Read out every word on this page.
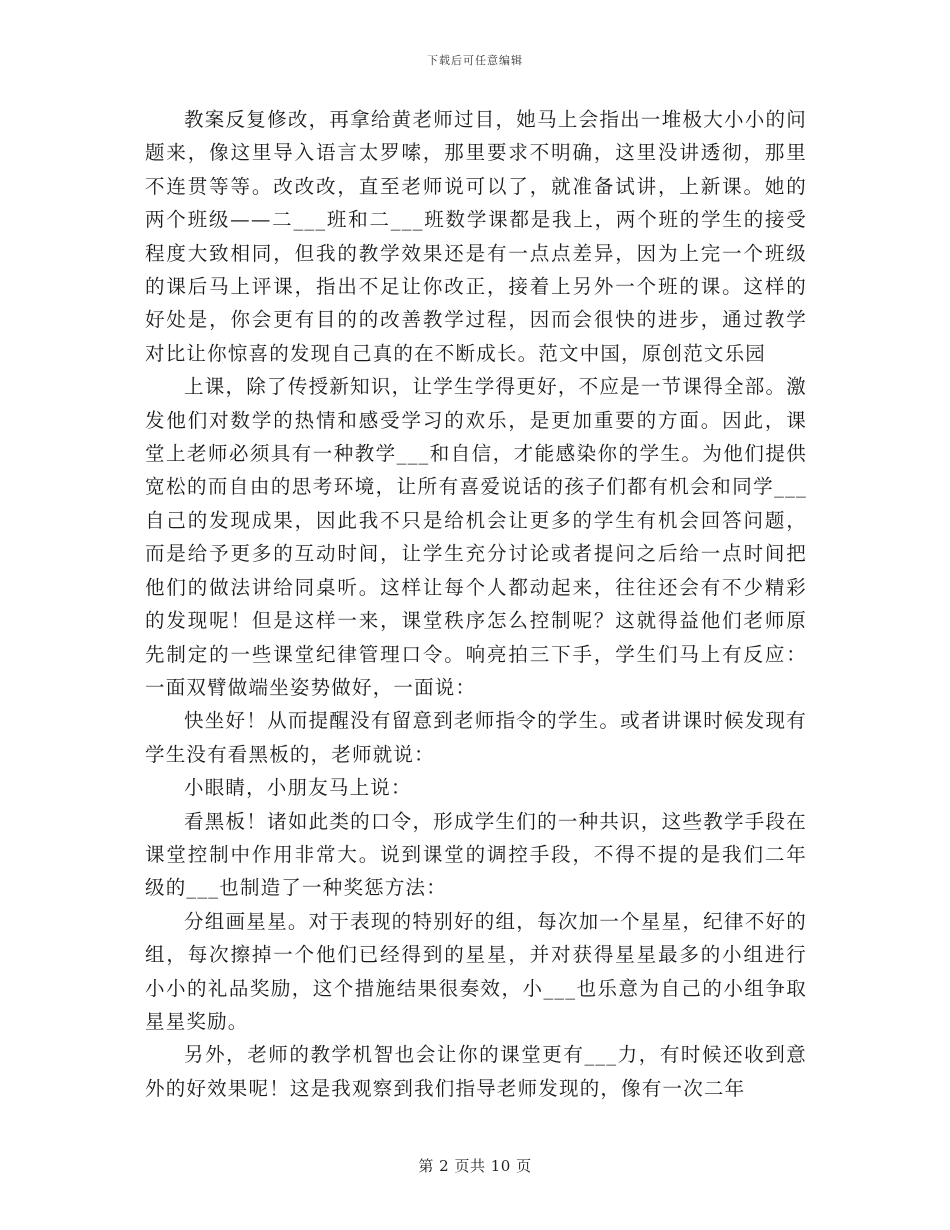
下载后可任意编辑

教案反复修改，再拿给黄老师过目，她马上会指出一堆极大小小的问题来，像这里导入语言太罗嗦，那里要求不明确，这里没讲透彻，那里不连贯等等。改改改，直至老师说可以了，就准备试讲，上新课。她的两个班级——二___班和二___班数学课都是我上，两个班的学生的接受程度大致相同，但我的教学效果还是有一点点差异，因为上完一个班级的课后马上评课，指出不足让你改正，接着上另外一个班的课。这样的好处是，你会更有目的的改善教学过程，因而会很快的进步，通过教学对比让你惊喜的发现自己真的在不断成长。范文中国，原创范文乐园

上课，除了传授新知识，让学生学得更好，不应是一节课得全部。激发他们对数学的热情和感受学习的欢乐，是更加重要的方面。因此，课堂上老师必须具有一种教学___和自信，才能感染你的学生。为他们提供宽松的而自由的思考环境，让所有喜爱说话的孩子们都有机会和同学___自己的发现成果，因此我不只是给机会让更多的学生有机会回答问题，而是给予更多的互动时间，让学生充分讨论或者提问之后给一点时间把他们的做法讲给同桌听。这样让每个人都动起来，往往还会有不少精彩的发现呢！但是这样一来，课堂秩序怎么控制呢？这就得益他们老师原先制定的一些课堂纪律管理口令。响亮拍三下手，学生们马上有反应：一面双臂做端坐姿势做好，一面说：

快坐好！从而提醒没有留意到老师指令的学生。或者讲课时候发现有学生没有看黑板的，老师就说：

小眼睛，小朋友马上说：

看黑板！诸如此类的口令，形成学生们的一种共识，这些教学手段在课堂控制中作用非常大。说到课堂的调控手段，不得不提的是我们二年级的___也制造了一种奖惩方法：

分组画星星。对于表现的特别好的组，每次加一个星星，纪律不好的组，每次擦掉一个他们已经得到的星星，并对获得星星最多的小组进行小小的礼品奖励，这个措施结果很奏效，小___也乐意为自己的小组争取星星奖励。

另外，老师的教学机智也会让你的课堂更有___力，有时候还收到意外的好效果呢！这是我观察到我们指导老师发现的，像有一次二年

第 2 页共 10 页
